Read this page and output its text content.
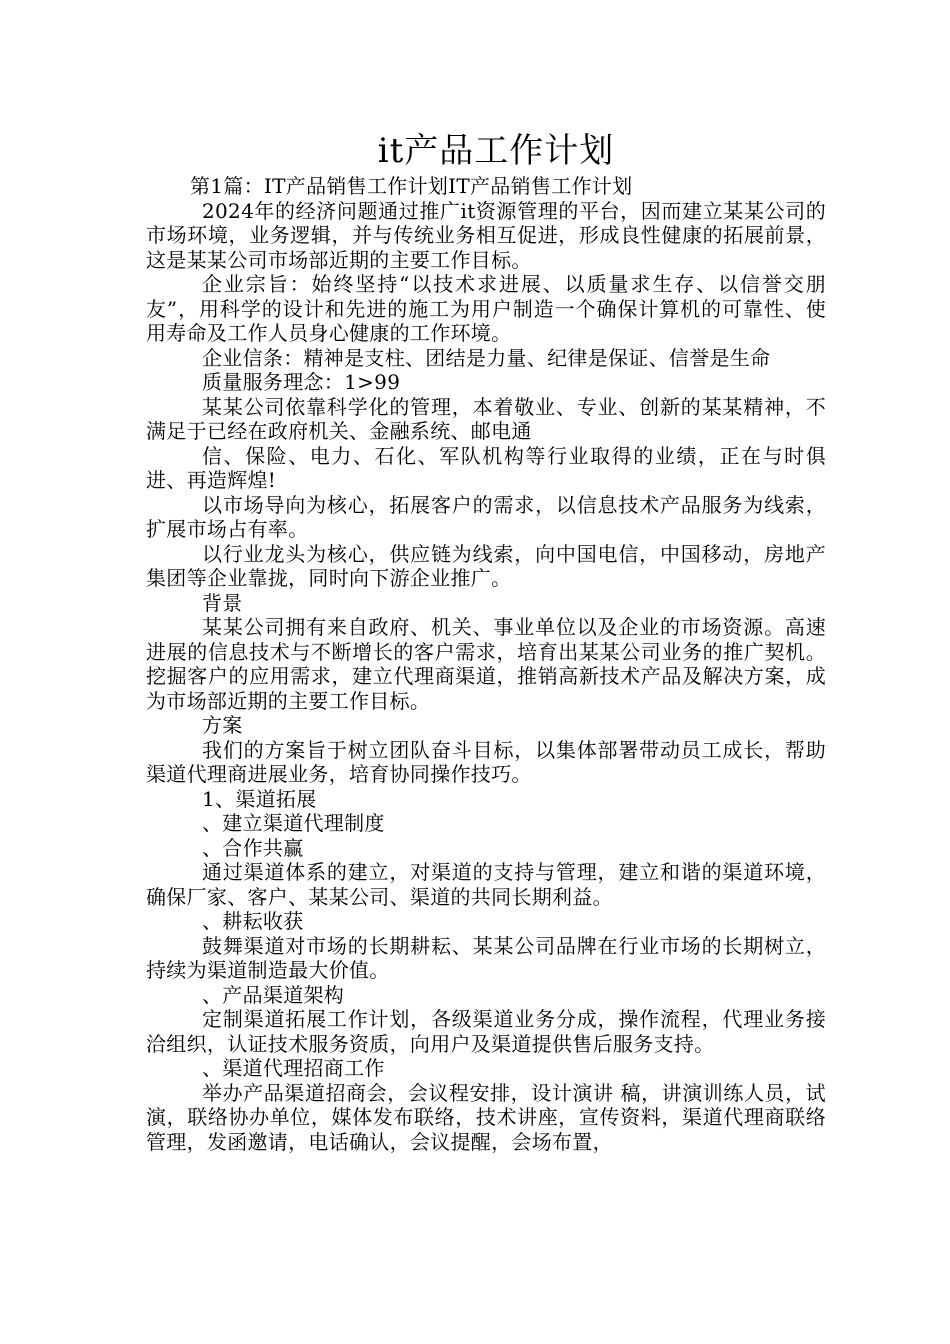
it产品工作计划

第1篇：IT产品销售工作计划IT产品销售工作计划

2024年的经济问题通过推广it资源管理的平台，因而建立某某公司的市场环境，业务逻辑，并与传统业务相互促进，形成良性健康的拓展前景，这是某某公司市场部近期的主要工作目标。

企业宗旨：始终坚持“以技术求进展、以质量求生存、以信誉交朋友”，用科学的设计和先进的施工为用户制造一个确保计算机的可靠性、使用寿命及工作人员身心健康的工作环境。

企业信条：精神是支柱、团结是力量、纪律是保证、信誉是生命

质量服务理念：1>99

某某公司依靠科学化的管理，本着敬业、专业、创新的某某精神，不满足于已经在政府机关、金融系统、邮电通

信、保险、电力、石化、军队机构等行业取得的业绩，正在与时俱进、再造辉煌!

以市场导向为核心，拓展客户的需求，以信息技术产品服务为线索，扩展市场占有率。

以行业龙头为核心，供应链为线索，向中国电信，中国移动，房地产集团等企业靠拢，同时向下游企业推广。

背景

某某公司拥有来自政府、机关、事业单位以及企业的市场资源。高速进展的信息技术与不断增长的客户需求，培育出某某公司业务的推广契机。挖掘客户的应用需求，建立代理商渠道，推销高新技术产品及解决方案，成为市场部近期的主要工作目标。

方案

我们的方案旨于树立团队奋斗目标，以集体部署带动员工成长，帮助渠道代理商进展业务，培育协同操作技巧。

1、渠道拓展

、建立渠道代理制度

、合作共赢

通过渠道体系的建立，对渠道的支持与管理，建立和谐的渠道环境，确保厂家、客户、某某公司、渠道的共同长期利益。

、耕耘收获

鼓舞渠道对市场的长期耕耘、某某公司品牌在行业市场的长期树立，持续为渠道制造最大价值。

、产品渠道架构

定制渠道拓展工作计划，各级渠道业务分成，操作流程，代理业务接洽组织，认证技术服务资质，向用户及渠道提供售后服务支持。

、渠道代理招商工作

举办产品渠道招商会，会议程安排，设计演讲 稿，讲演训练人员，试演，联络协办单位，媒体发布联络，技术讲座，宣传资料，渠道代理商联络管理，发函邀请，电话确认，会议提醒，会场布置，
